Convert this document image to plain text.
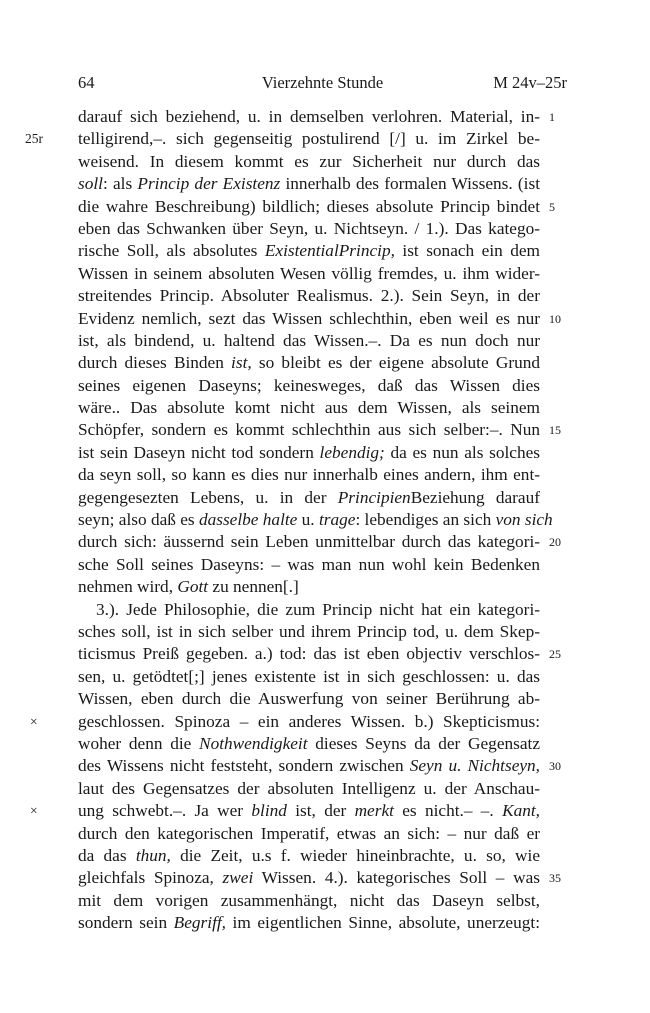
64	Vierzehnte Stunde	M 24v–25r
darauf sich beziehend, u. in demselben verlohren. Material, in- 1
telligirend,–. sich gegenseitig postulirend [/] u. im Zirkel be-
25r
weisend. In diesem kommt es zur Sicherheit nur durch das
soll: als Princip der Existenz innerhalb des formalen Wissens. (ist
die wahre Beschreibung) bildlich; dieses absolute Princip bindet 5
eben das Schwanken über Seyn, u. Nichtseyn. / 1.). Das katego-
rische Soll, als absolutes ExistentialPrincip, ist sonach ein dem
Wissen in seinem absoluten Wesen völlig fremdes, u. ihm wider-
streitendes Princip. Absoluter Realismus. 2.). Sein Seyn, in der
Evidenz nemlich, sezt das Wissen schlechthin, eben weil es nur 10
ist, als bindend, u. haltend das Wissen.–. Da es nun doch nur
durch dieses Binden ist, so bleibt es der eigene absolute Grund
seines eigenen Daseyns; keinesweges, daß das Wissen dies
wäre.. Das absolute komt nicht aus dem Wissen, als seinem
Schöpfer, sondern es kommt schlechthin aus sich selber:–. Nun 15
ist sein Daseyn nicht tod sondern lebendig; da es nun als solches
da seyn soll, so kann es dies nur innerhalb eines andern, ihm ent-
gegengesezten Lebens, u. in der PrincipienBeziehung darauf
seyn; also daß es dasselbe halte u. trage: lebendiges an sich von sich
durch sich: äussernd sein Leben unmittelbar durch das kategori- 20
sche Soll seines Daseyns: – was man nun wohl kein Bedenken
nehmen wird, Gott zu nennen[.]
3.). Jede Philosophie, die zum Princip nicht hat ein kategori-
sches soll, ist in sich selber und ihrem Princip tod, u. dem Skep-
ticismus Preiß gegeben. a.) tod: das ist eben objectiv verschlos- 25
sen, u. getödtet[;] jenes existente ist in sich geschlossen: u. das
Wissen, eben durch die Auswerfung von seiner Berührung ab-
geschlossen. Spinoza – ein anderes Wissen. b.) Skepticismus:
×
woher denn die Nothwendigkeit dieses Seyns da der Gegensatz
des Wissens nicht feststeht, sondern zwischen Seyn u. Nichtseyn, 30
laut des Gegensatzes der absoluten Intelligenz u. der Anschau-
ung schwebt.–. Ja wer blind ist, der merkt es nicht.– –. Kant,
×
durch den kategorischen Imperatif, etwas an sich: – nur daß er
da das thun, die Zeit, u.s f. wieder hineinbrachte, u. so, wie
gleichfals Spinoza, zwei Wissen. 4.). kategorisches Soll – was 35
mit dem vorigen zusammenhängt, nicht das Daseyn selbst,
sondern sein Begriff, im eigentlichen Sinne, absolute, unerzeugt:
